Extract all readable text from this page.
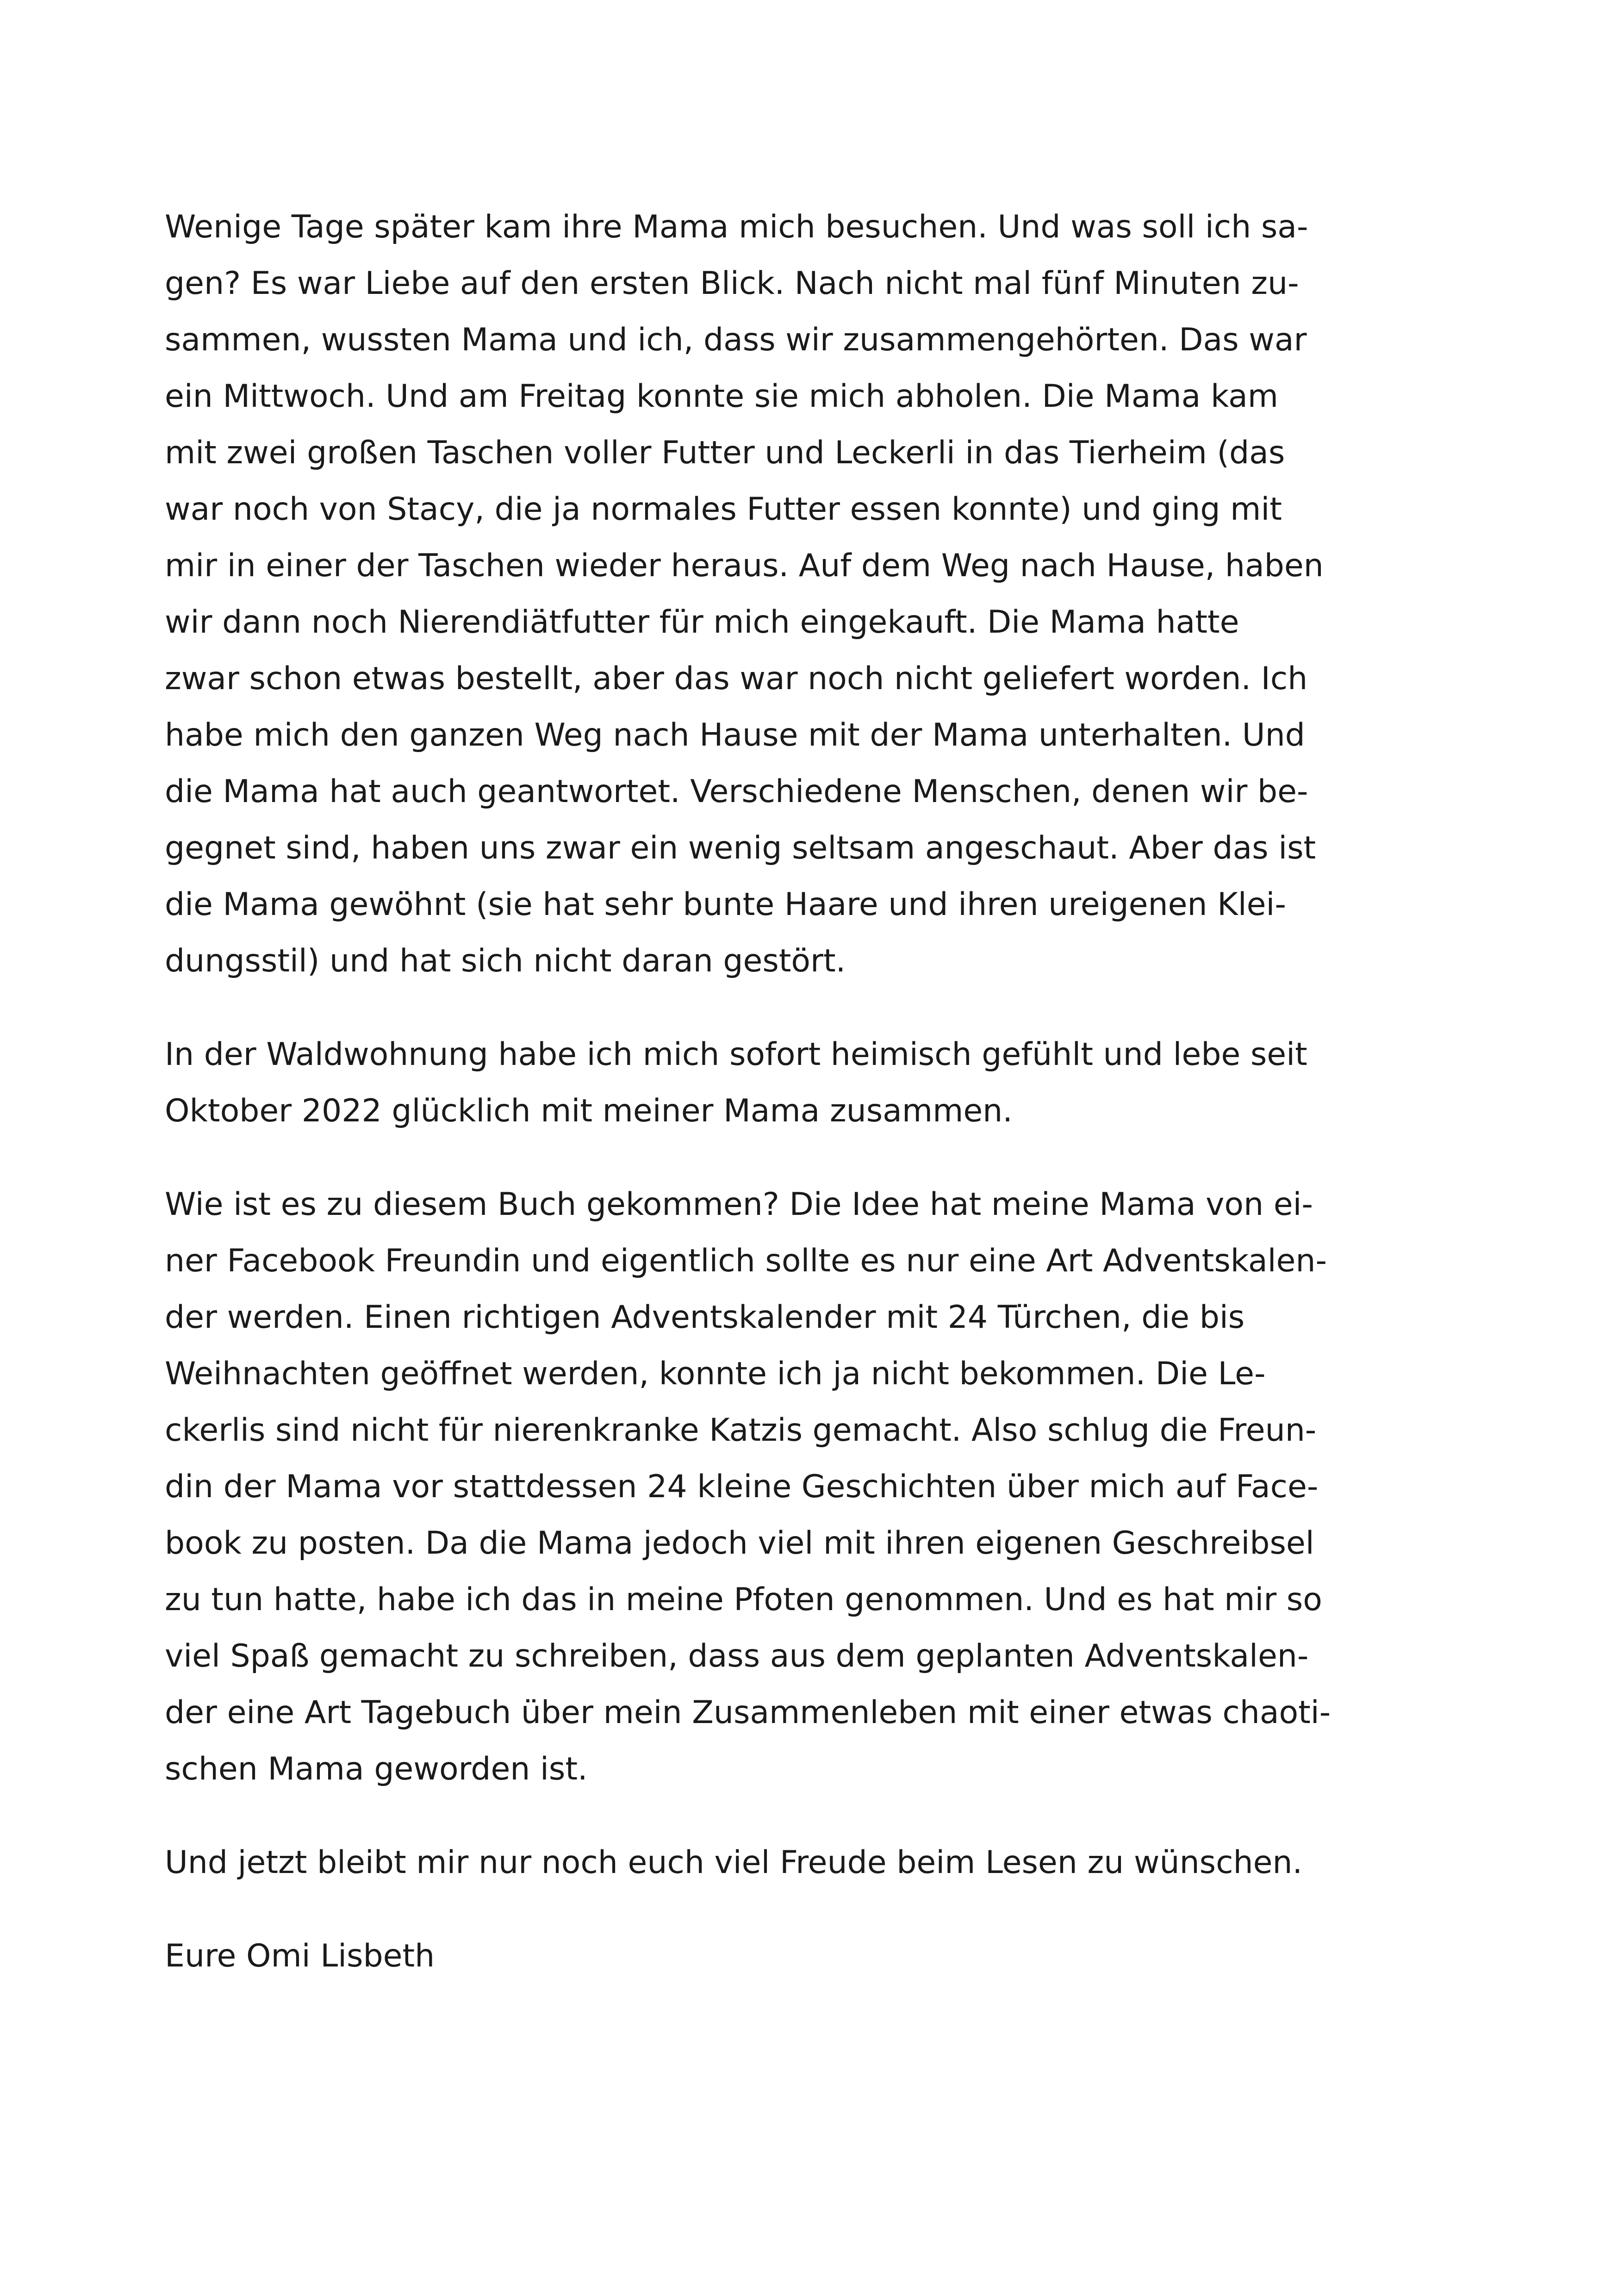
Wenige Tage später kam ihre Mama mich besuchen. Und was soll ich sa-
gen? Es war Liebe auf den ersten Blick. Nach nicht mal fünf Minuten zu-
sammen, wussten Mama und ich, dass wir zusammengehörten. Das war
ein Mittwoch. Und am Freitag konnte sie mich abholen. Die Mama kam
mit zwei großen Taschen voller Futter und Leckerli in das Tierheim (das
war noch von Stacy, die ja normales Futter essen konnte) und ging mit
mir in einer der Taschen wieder heraus. Auf dem Weg nach Hause, haben
wir dann noch Nierendiätfutter für mich eingekauft. Die Mama hatte
zwar schon etwas bestellt, aber das war noch nicht geliefert worden. Ich
habe mich den ganzen Weg nach Hause mit der Mama unterhalten. Und
die Mama hat auch geantwortet. Verschiedene Menschen, denen wir be-
gegnet sind, haben uns zwar ein wenig seltsam angeschaut. Aber das ist
die Mama gewöhnt (sie hat sehr bunte Haare und ihren ureigenen Klei-
dungsstil) und hat sich nicht daran gestört.

In der Waldwohnung habe ich mich sofort heimisch gefühlt und lebe seit
Oktober 2022 glücklich mit meiner Mama zusammen.

Wie ist es zu diesem Buch gekommen? Die Idee hat meine Mama von ei-
ner Facebook Freundin und eigentlich sollte es nur eine Art Adventskalen-
der werden. Einen richtigen Adventskalender mit 24 Türchen, die bis
Weihnachten geöffnet werden, konnte ich ja nicht bekommen. Die Le-
ckerlis sind nicht für nierenkranke Katzis gemacht. Also schlug die Freun-
din der Mama vor stattdessen 24 kleine Geschichten über mich auf Face-
book zu posten. Da die Mama jedoch viel mit ihren eigenen Geschreibsel
zu tun hatte, habe ich das in meine Pfoten genommen. Und es hat mir so
viel Spaß gemacht zu schreiben, dass aus dem geplanten Adventskalen-
der eine Art Tagebuch über mein Zusammenleben mit einer etwas chaoti-
schen Mama geworden ist.

Und jetzt bleibt mir nur noch euch viel Freude beim Lesen zu wünschen.

Eure Omi Lisbeth
